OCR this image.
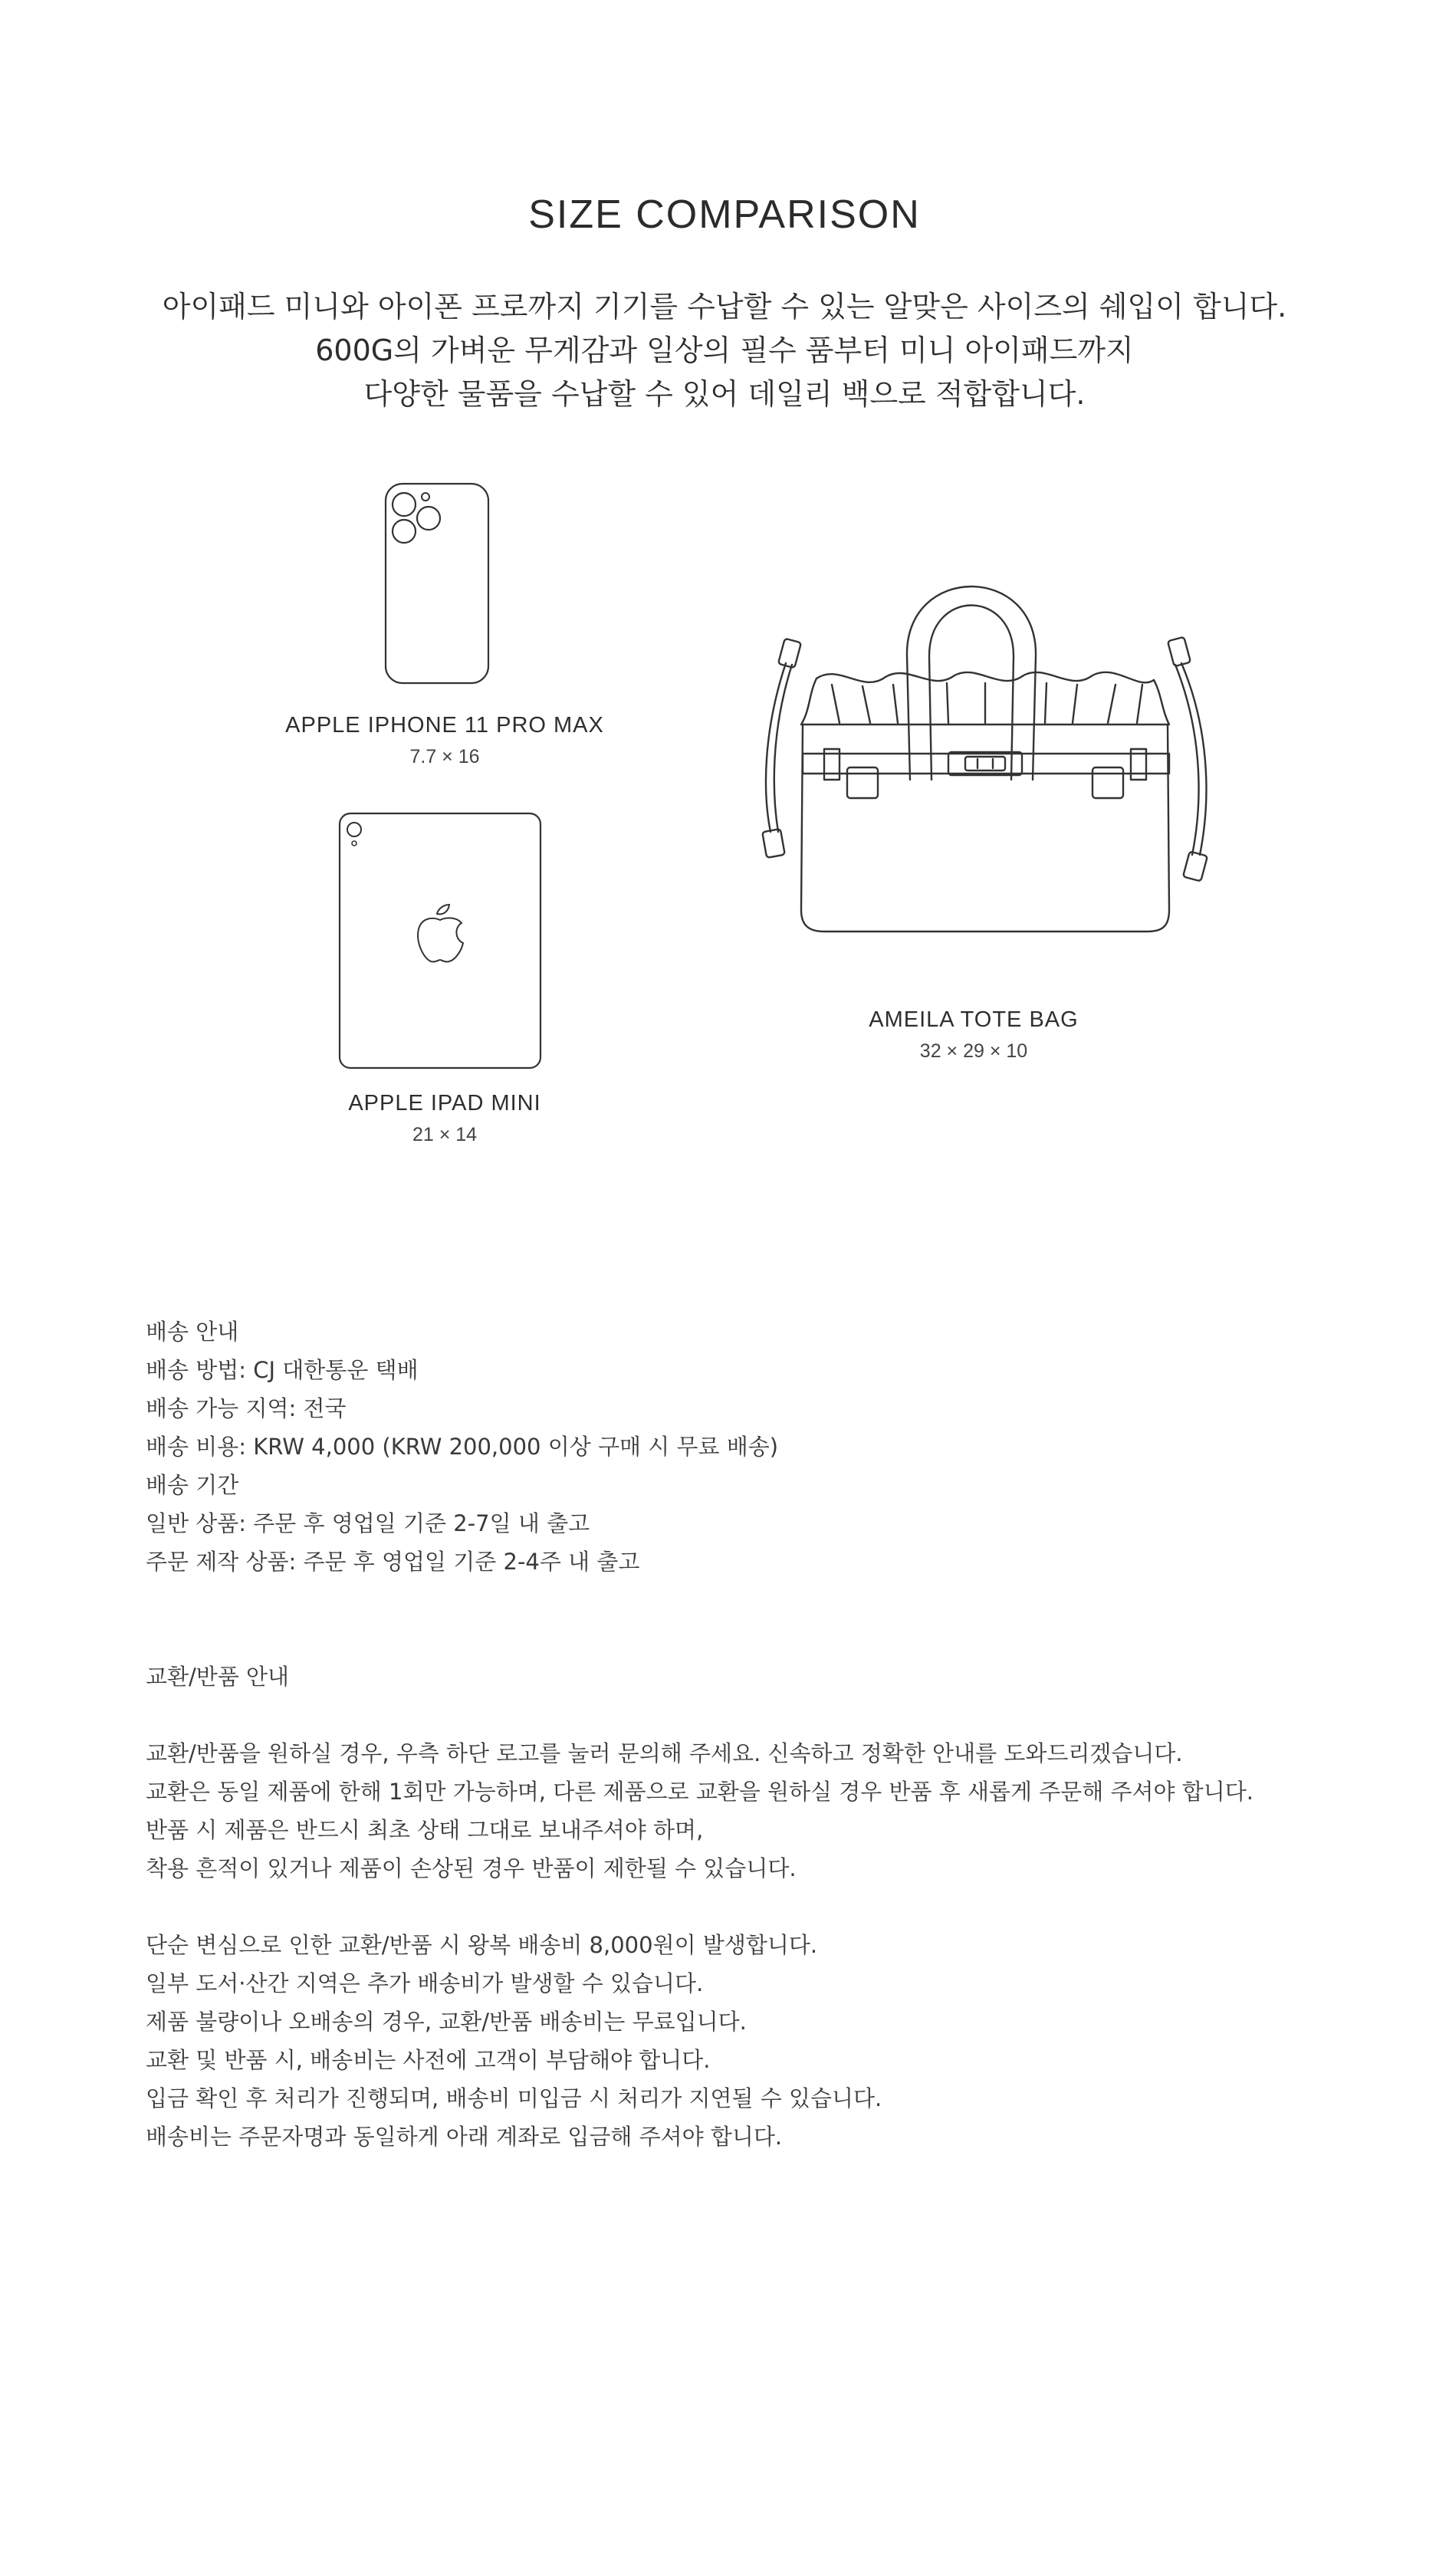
SIZE COMPARISON
아이패드 미니와 아이폰 프로까지 기기를 수납할 수 있는 알맞은 사이즈의 쉐입이 합니다.
600G의 가벼운 무게감과 일상의 필수 품부터 미니 아이패드까지
다양한 물품을 수납할 수 있어 데일리 백으로 적합합니다.
APPLE IPHONE 11 PRO MAX
7.7 × 16
APPLE IPAD MINI
21 × 14
AMEILA TOTE BAG
32 × 29 × 10
배송 안내
배송 방법: CJ 대한통운 택배
배송 가능 지역: 전국
배송 비용: KRW 4,000 (KRW 200,000 이상 구매 시 무료 배송)
배송 기간
일반 상품: 주문 후 영업일 기준 2-7일 내 출고
주문 제작 상품: 주문 후 영업일 기준 2-4주 내 출고
교환/반품 안내
교환/반품을 원하실 경우, 우측 하단 로고를 눌러 문의해 주세요. 신속하고 정확한 안내를 도와드리겠습니다.
교환은 동일 제품에 한해 1회만 가능하며, 다른 제품으로 교환을 원하실 경우 반품 후 새롭게 주문해 주셔야 합니다.
반품 시 제품은 반드시 최초 상태 그대로 보내주셔야 하며,
착용 흔적이 있거나 제품이 손상된 경우 반품이 제한될 수 있습니다.
단순 변심으로 인한 교환/반품 시 왕복 배송비 8,000원이 발생합니다.
일부 도서·산간 지역은 추가 배송비가 발생할 수 있습니다.
제품 불량이나 오배송의 경우, 교환/반품 배송비는 무료입니다.
교환 및 반품 시, 배송비는 사전에 고객이 부담해야 합니다.
입금 확인 후 처리가 진행되며, 배송비 미입금 시 처리가 지연될 수 있습니다.
배송비는 주문자명과 동일하게 아래 계좌로 입금해 주셔야 합니다.
